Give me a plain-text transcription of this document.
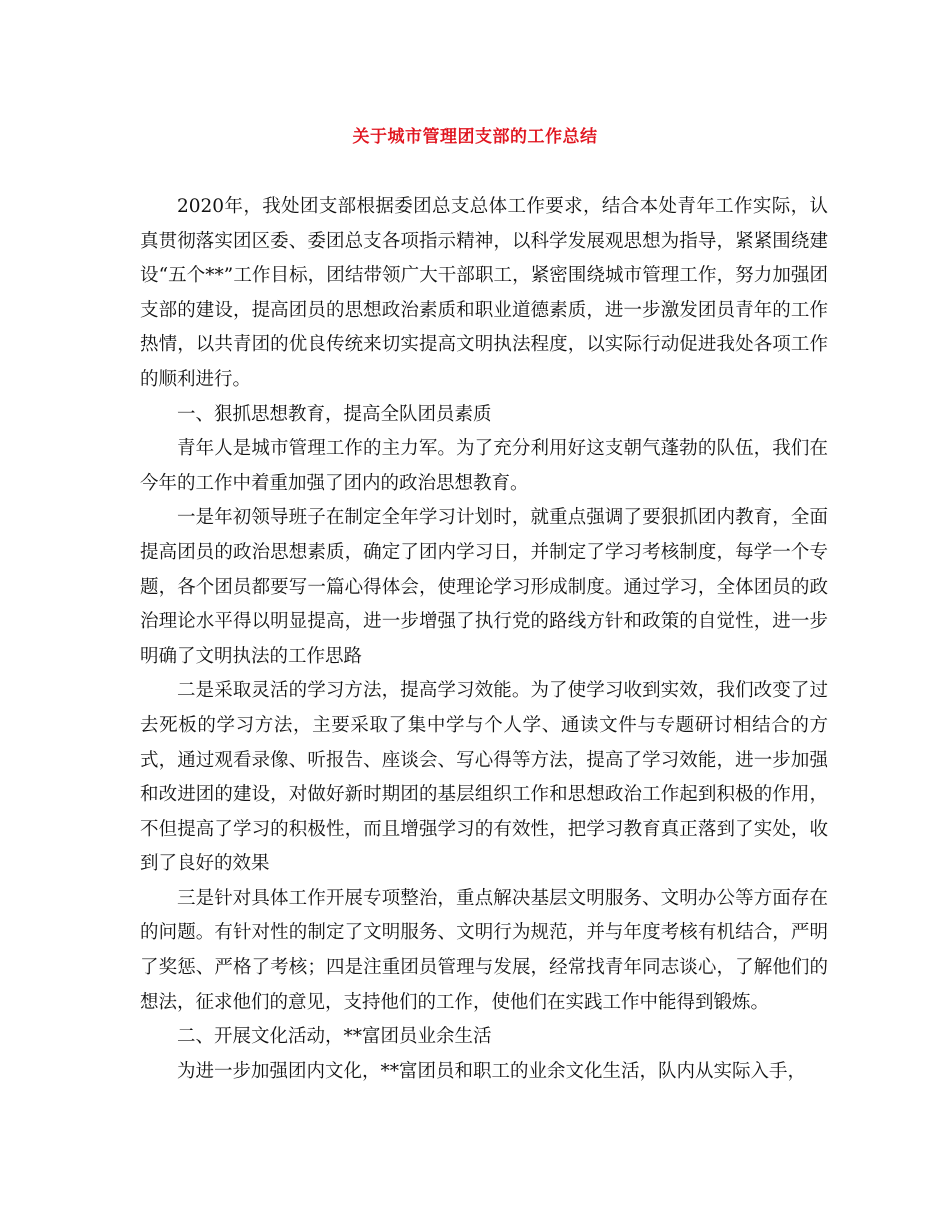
关于城市管理团支部的工作总结

2020年，我处团支部根据委团总支总体工作要求，结合本处青年工作实际，认真贯彻落实团区委、委团总支各项指示精神，以科学发展观思想为指导，紧紧围绕建设“五个**”工作目标，团结带领广大干部职工，紧密围绕城市管理工作，努力加强团支部的建设，提高团员的思想政治素质和职业道德素质，进一步激发团员青年的工作热情，以共青团的优良传统来切实提高文明执法程度，以实际行动促进我处各项工作的顺利进行。

一、狠抓思想教育，提高全队团员素质

青年人是城市管理工作的主力军。为了充分利用好这支朝气蓬勃的队伍，我们在今年的工作中着重加强了团内的政治思想教育。

一是年初领导班子在制定全年学习计划时，就重点强调了要狠抓团内教育，全面提高团员的政治思想素质，确定了团内学习日，并制定了学习考核制度，每学一个专题，各个团员都要写一篇心得体会，使理论学习形成制度。通过学习，全体团员的政治理论水平得以明显提高，进一步增强了执行党的路线方针和政策的自觉性，进一步明确了文明执法的工作思路

二是采取灵活的学习方法，提高学习效能。为了使学习收到实效，我们改变了过去死板的学习方法，主要采取了集中学与个人学、通读文件与专题研讨相结合的方式，通过观看录像、听报告、座谈会、写心得等方法，提高了学习效能，进一步加强和改进团的建设，对做好新时期团的基层组织工作和思想政治工作起到积极的作用，不但提高了学习的积极性，而且增强学习的有效性，把学习教育真正落到了实处，收到了良好的效果

三是针对具体工作开展专项整治，重点解决基层文明服务、文明办公等方面存在的问题。有针对性的制定了文明服务、文明行为规范，并与年度考核有机结合，严明了奖惩、严格了考核；四是注重团员管理与发展，经常找青年同志谈心，了解他们的想法，征求他们的意见，支持他们的工作，使他们在实践工作中能得到锻炼。

二、开展文化活动，**富团员业余生活

为进一步加强团内文化，**富团员和职工的业余文化生活，队内从实际入手，
